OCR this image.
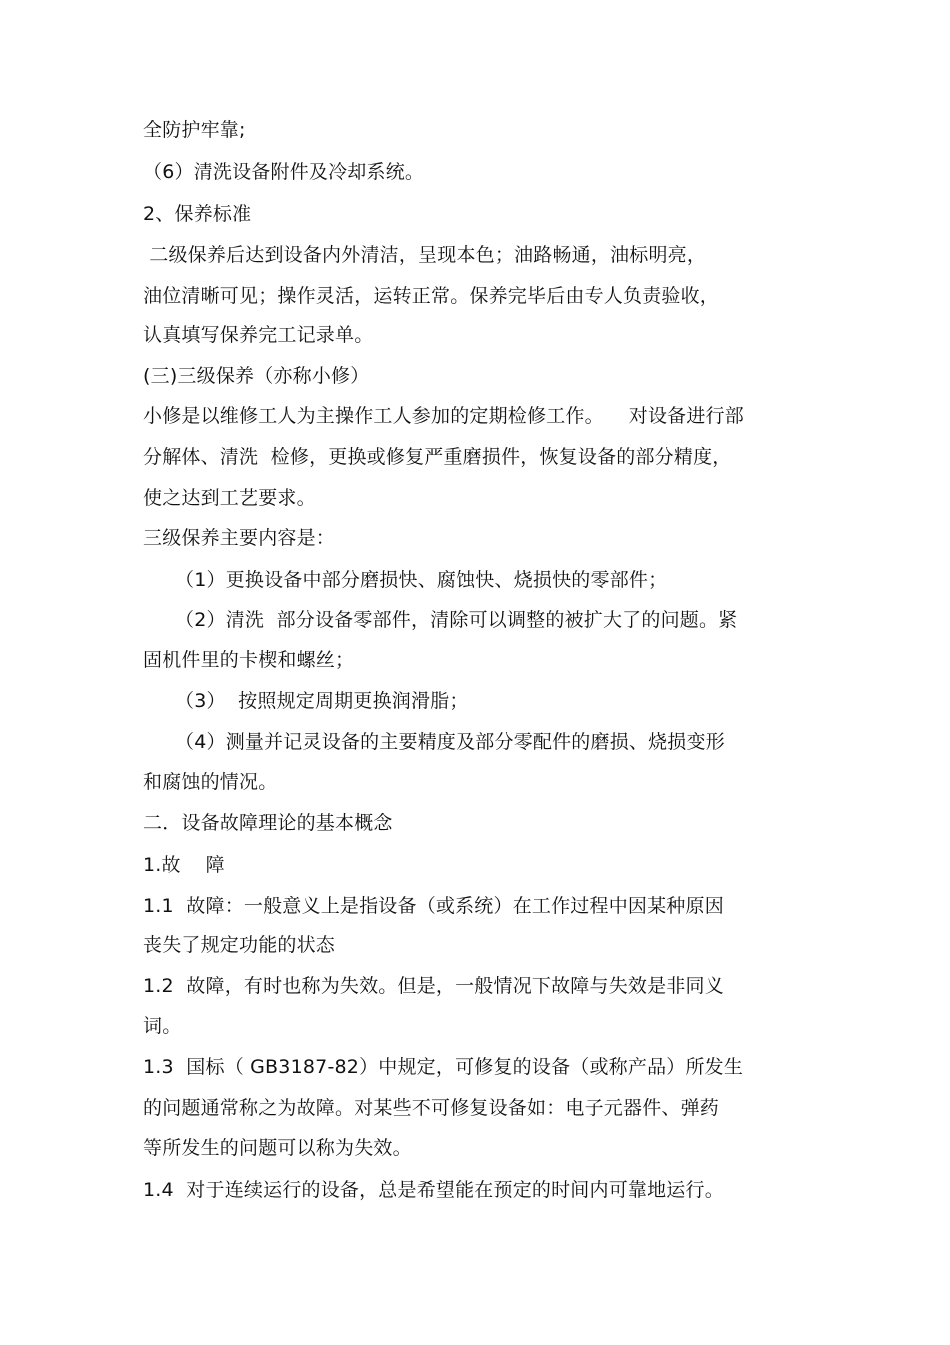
全防护牢靠;
（6）清洗设备附件及冷却系统。
2、保养标准
二级保养后达到设备内外清洁，呈现本色；油路畅通，油标明亮，
油位清晰可见；操作灵活，运转正常。保养完毕后由专人负责验收，
认真填写保养完工记录单。
(三)三级保养（亦称小修）
小修是以维修工人为主操作工人参加的定期检修工作。    对设备进行部
分解体、清洗  检修，更换或修复严重磨损件，恢复设备的部分精度，
使之达到工艺要求。
三级保养主要内容是：
（1）更换设备中部分磨损快、腐蚀快、烧损快的零部件；
（2）清洗  部分设备零部件，清除可以调整的被扩大了的问题。紧
固机件里的卡楔和螺丝；
（3）  按照规定周期更换润滑脂；
（4）测量并记灵设备的主要精度及部分零配件的磨损、烧损变形
和腐蚀的情况。
二．设备故障理论的基本概念
1.故    障
1.1  故障：一般意义上是指设备（或系统）在工作过程中因某种原因
丧失了规定功能的状态
1.2  故障，有时也称为失效。但是，一般情况下故障与失效是非同义
词。
1.3  国标（ GB3187-82）中规定，可修复的设备（或称产品）所发生
的问题通常称之为故障。对某些不可修复设备如：电子元器件、弹药
等所发生的问题可以称为失效。
1.4  对于连续运行的设备，总是希望能在预定的时间内可靠地运行。
